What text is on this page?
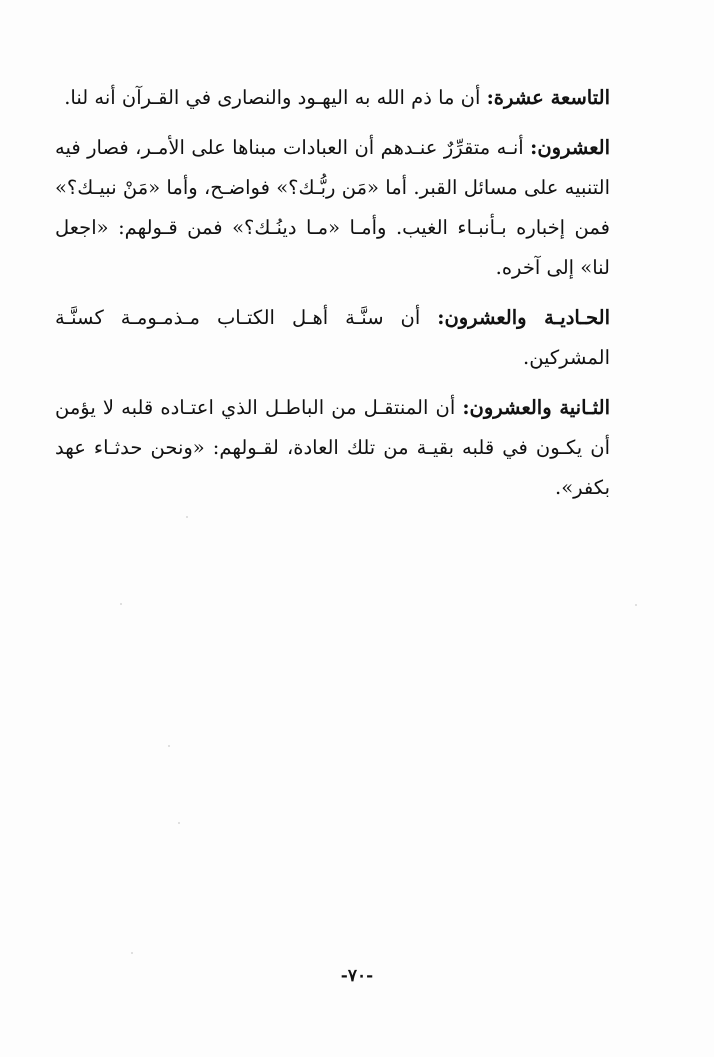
التاسعة عشرة: أن ما ذم الله به اليهـود والنصارى في القـرآن أنه لنا.

العشرون: أنـه متقرِّرٌ عنـدهم أن العبادات مبناها على الأمـر، فصار فيه التنبيه على مسائل القبر. أما «مَن ربُّـك؟» فواضـح، وأما «مَنْ نبيـك؟» فمن إخباره بـأنبـاء الغيب. وأمـا «مـا دينُـك؟» فمن قـولهم: «اجعل لنا» إلى آخره.

الحـاديـة والعشرون: أن سنَّـة أهـل الكتـاب مـذمـومـة كسنَّـة المشركين.

الثـانية والعشرون: أن المنتقـل من الباطـل الذي اعتـاده قلبه لا يؤمن أن يكـون في قلبه بقيـة من تلك العادة، لقـولهم: «ونحن حدثـاء عهد بكفر».

-٧٠-
